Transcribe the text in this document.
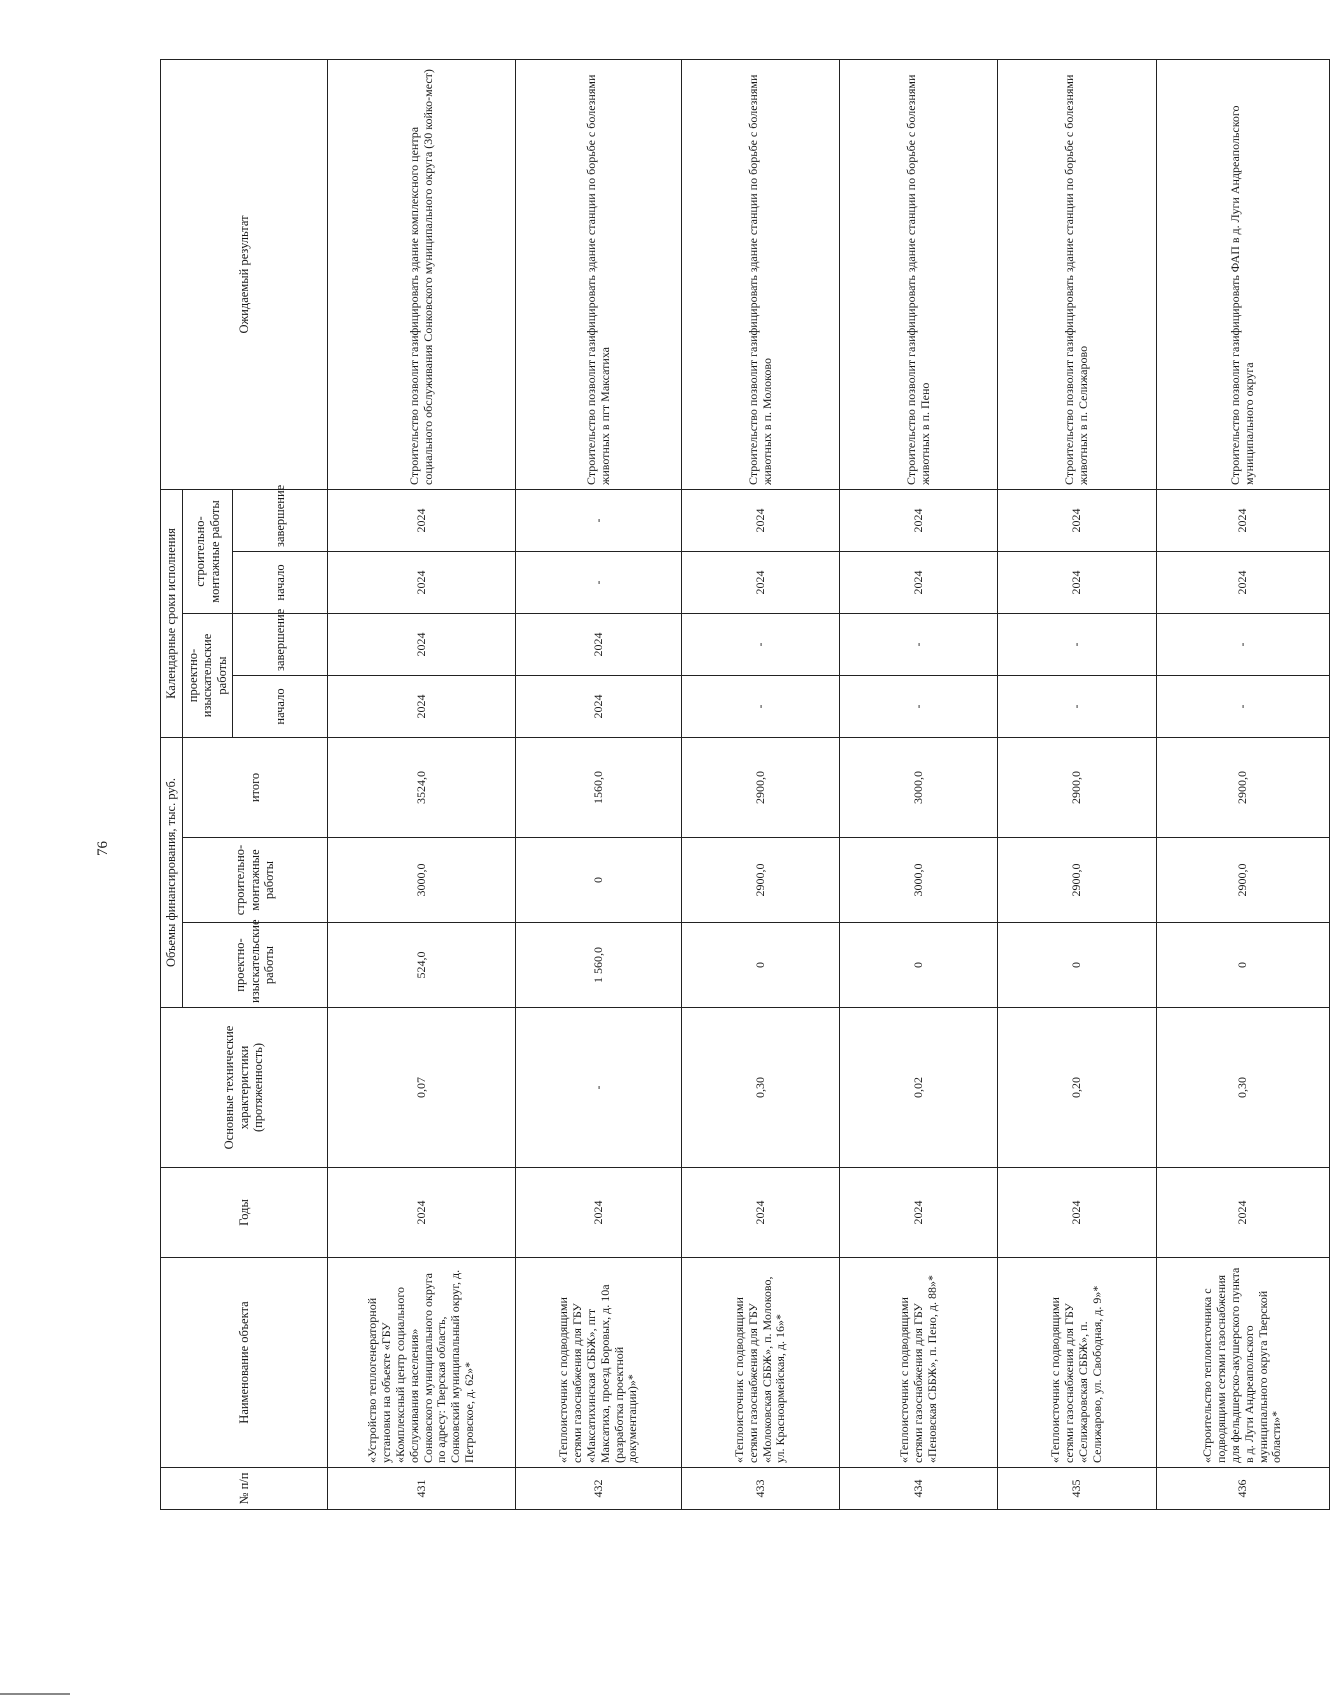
76
№ п/п	Наименование объекта	Годы	Основные технические характеристики (протяженность)	Объемы финансирования, тыс. руб.			Календарные сроки исполнения				Ожидаемый результат
				проектно-изыскательские работы	строительно-монтажные работы	итого	проектно-изыскательские работы		строительно-монтажные работы		
							начало	завершение	начало	завершение	
431	«Устройство теплогенераторной установки на объекте «ГБУ «Комплексный центр социального обслуживания населения» Сонковского муниципального округа по адресу: Тверская область, Сонковский муниципальный округ, д. Петровское, д. 62»*	2024	0,07	524,0	3000,0	3524,0	2024	2024	2024	2024	Строительство позволит газифицировать здание комплексного центра социального обслуживания Сонковского муниципального округа (30 койко-мест)
432	«Теплоисточник с подводящими сетями газоснабжения для ГБУ «Максатихинская СББЖ», пгт Максатиха, проезд Боровых, д. 10а (разработка проектной документации)»*	2024	-	1 560,0	0	1560,0	2024	2024	-	-	Строительство позволит газифицировать здание станции по борьбе с болезнями животных в пгт Максатиха
433	«Теплоисточник с подводящими сетями газоснабжения для ГБУ «Молоковская СББЖ», п. Молоково, ул. Красноармейская, д. 16»*	2024	0,30	0	2900,0	2900,0	-	-	2024	2024	Строительство позволит газифицировать здание станции по борьбе с болезнями животных в п. Молоково
434	«Теплоисточник с подводящими сетями газоснабжения для ГБУ «Пеновская СББЖ», п. Пено, д. 88»*	2024	0,02	0	3000,0	3000,0	-	-	2024	2024	Строительство позволит газифицировать здание станции по борьбе с болезнями животных в п. Пено
435	«Теплоисточник с подводящими сетями газоснабжения для ГБУ «Селижаровская СББЖ», п. Селижарово, ул. Свободная, д. 9»*	2024	0,20	0	2900,0	2900,0	-	-	2024	2024	Строительство позволит газифицировать здание станции по борьбе с болезнями животных в п. Селижарово
436	«Строительство теплоисточника с подводящими сетями газоснабжения для фельдшерско-акушерского пункта в д. Луги Андреапольского муниципального округа Тверской области»*	2024	0,30	0	2900,0	2900,0	-	-	2024	2024	Строительство позволит газифицировать ФАП в д. Луги Андреапольского муниципального округа
